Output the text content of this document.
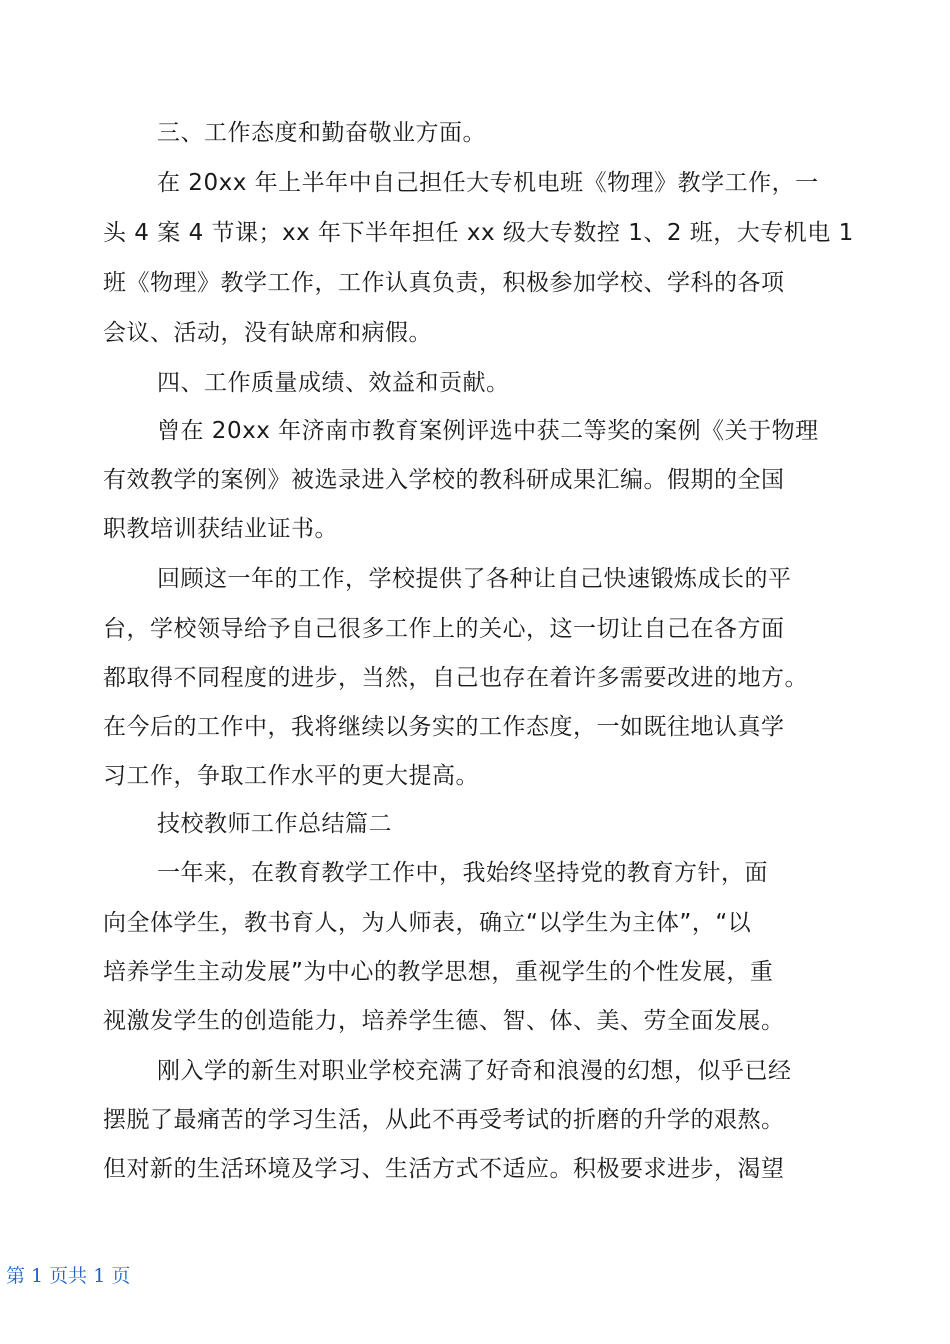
三、工作态度和勤奋敬业方面。
在 20xx 年上半年中自己担任大专机电班《物理》教学工作，一
头 4 案 4 节课；xx 年下半年担任 xx 级大专数控 1、2 班，大专机电 1
班《物理》教学工作，工作认真负责，积极参加学校、学科的各项
会议、活动，没有缺席和病假。
四、工作质量成绩、效益和贡献。
曾在 20xx 年济南市教育案例评选中获二等奖的案例《关于物理
有效教学的案例》被选录进入学校的教科研成果汇编。假期的全国
职教培训获结业证书。
回顾这一年的工作，学校提供了各种让自己快速锻炼成长的平
台，学校领导给予自己很多工作上的关心，这一切让自己在各方面
都取得不同程度的进步，当然，自己也存在着许多需要改进的地方。
在今后的工作中，我将继续以务实的工作态度，一如既往地认真学
习工作，争取工作水平的更大提高。
技校教师工作总结篇二
一年来，在教育教学工作中，我始终坚持党的教育方针，面
向全体学生，教书育人，为人师表，确立“以学生为主体”，“以
培养学生主动发展”为中心的教学思想，重视学生的个性发展，重
视激发学生的创造能力，培养学生德、智、体、美、劳全面发展。
刚入学的新生对职业学校充满了好奇和浪漫的幻想，似乎已经
摆脱了最痛苦的学习生活，从此不再受考试的折磨的升学的艰熬。
但对新的生活环境及学习、生活方式不适应。积极要求进步，渴望
第 1 页共 1 页
